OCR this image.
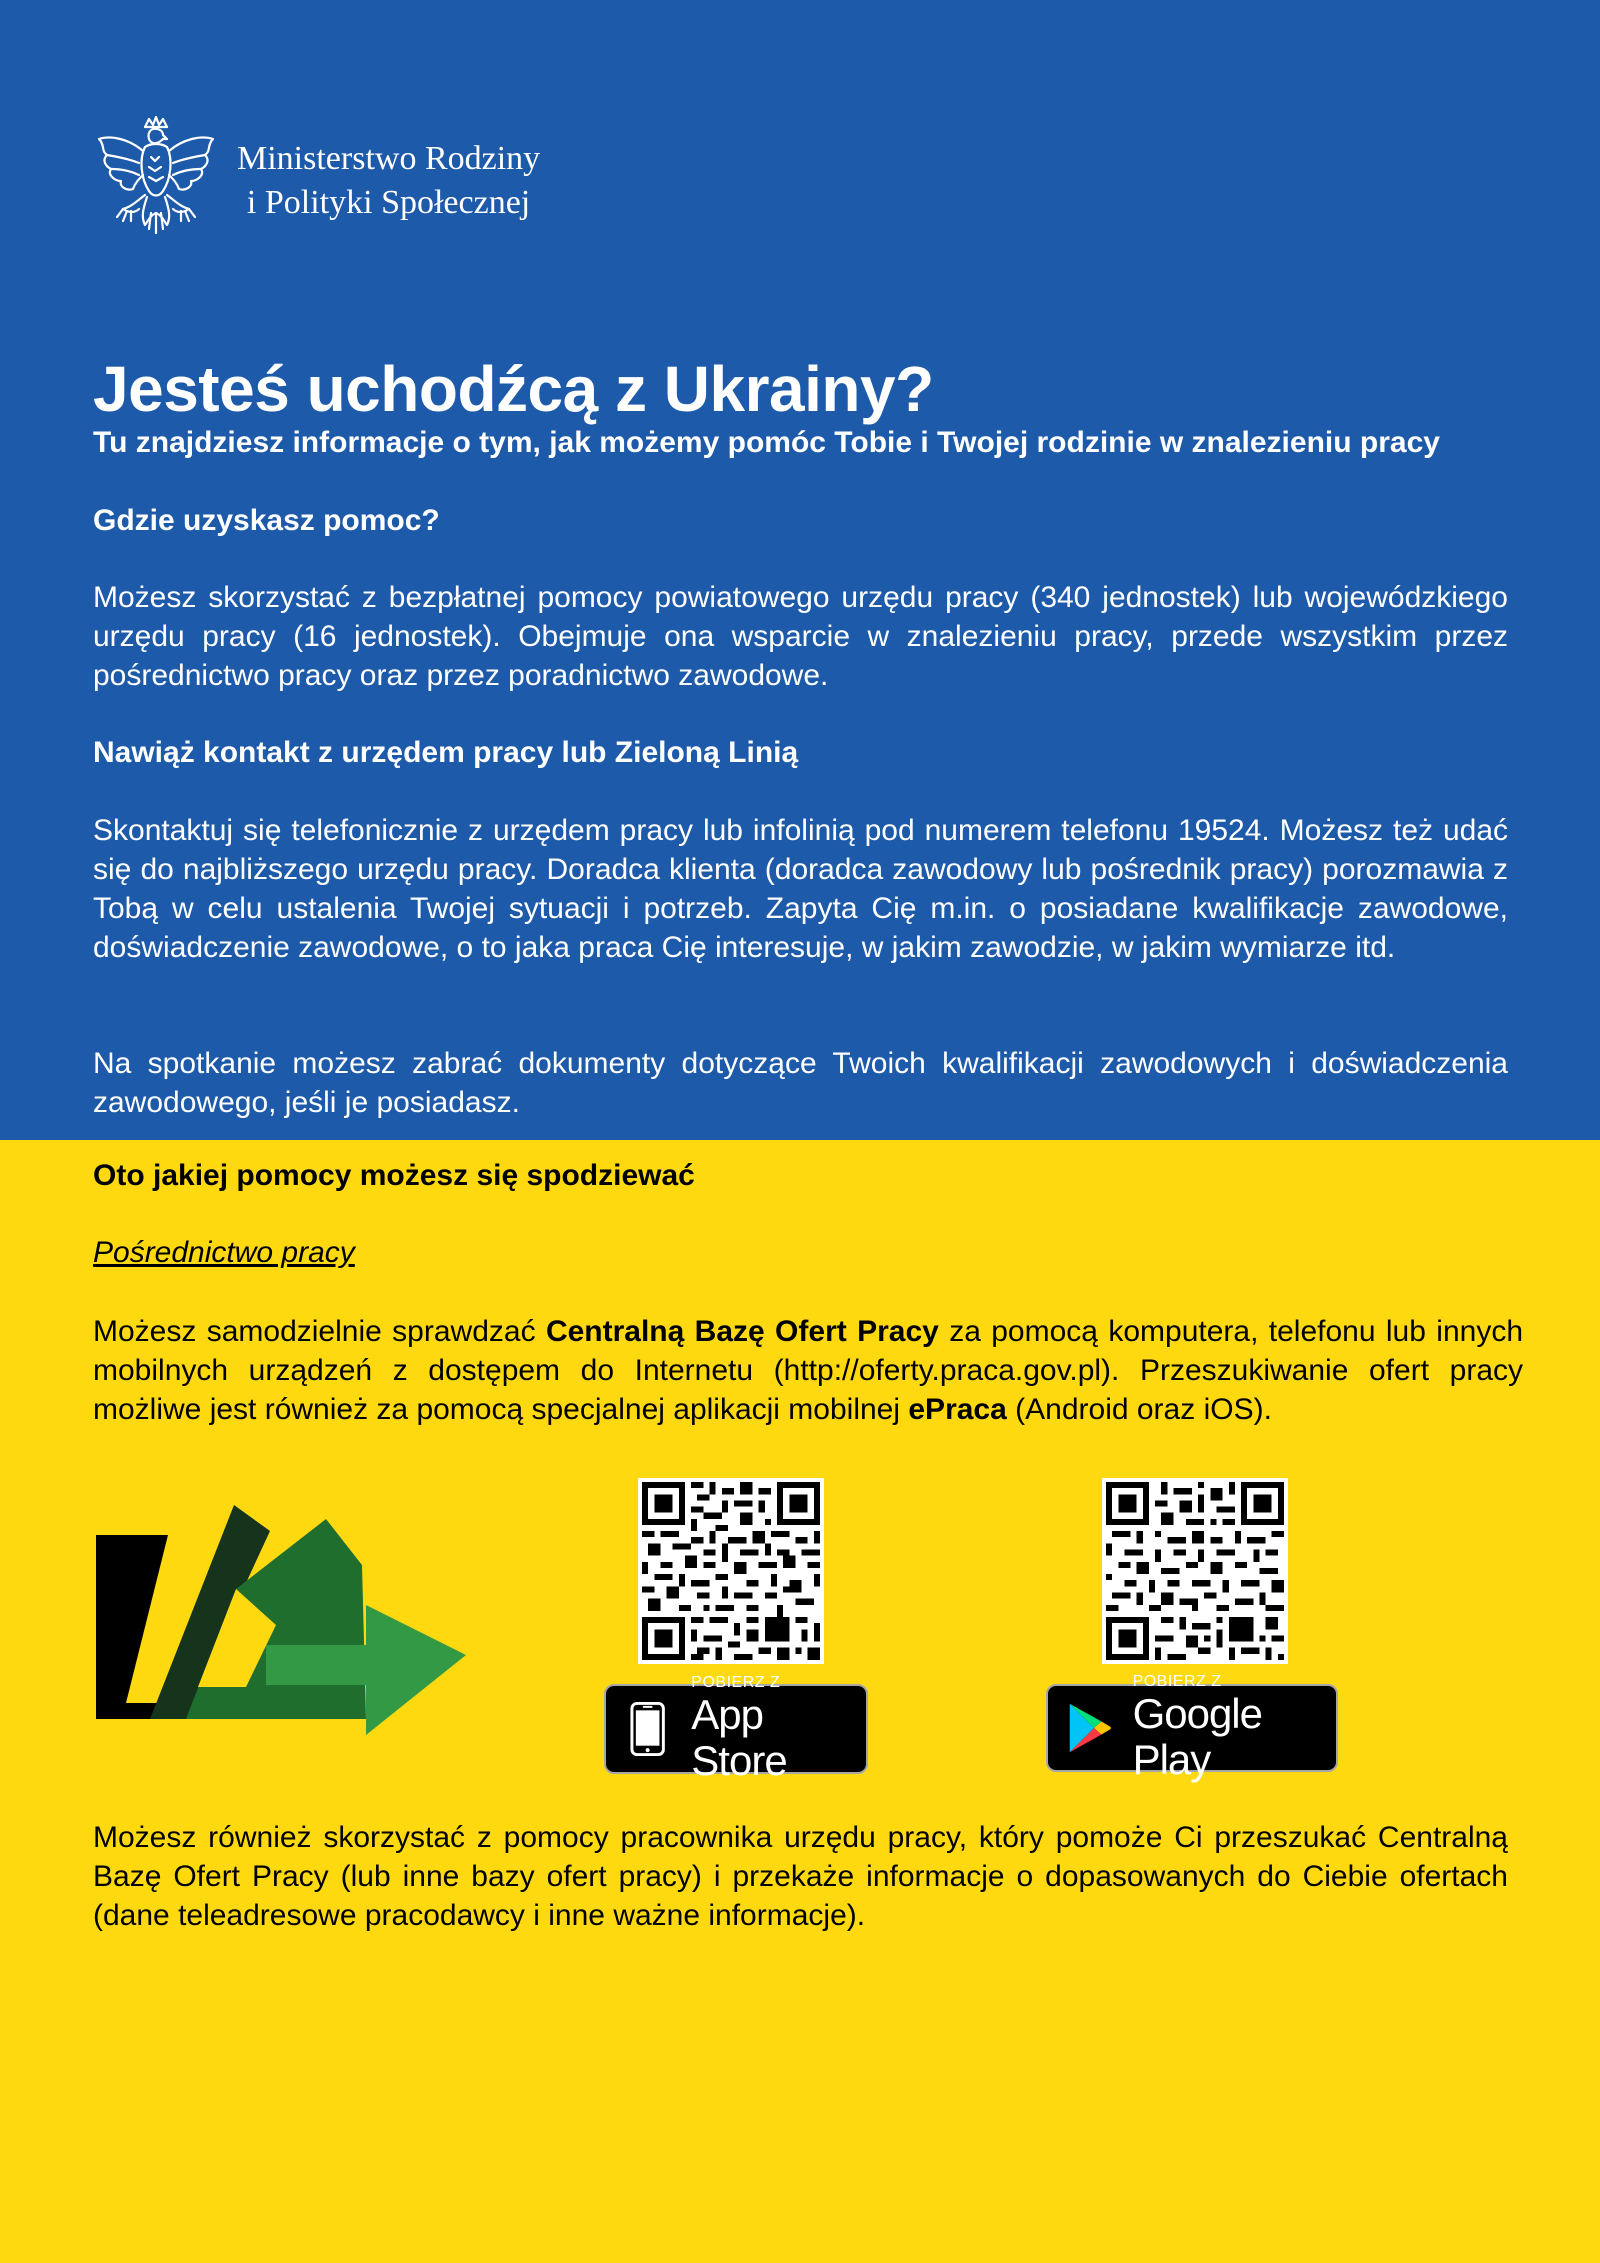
Ministerstwo Rodziny
i Polityki Społecznej
Jesteś uchodźcą z Ukrainy?
Tu znajdziesz informacje o tym, jak możemy pomóc Tobie i Twojej rodzinie w znalezieniu pracy
Gdzie uzyskasz pomoc?

Możesz skorzystać z bezpłatnej pomocy powiatowego urzędu pracy (340 jednostek) lub wojewódzkiego urzędu pracy (16 jednostek). Obejmuje ona wsparcie w znalezieniu pracy, przede wszystkim przez pośrednictwo pracy oraz przez poradnictwo zawodowe.

Nawiąż kontakt z urzędem pracy lub Zieloną Linią

Skontaktuj się telefonicznie z urzędem pracy lub infolinią pod numerem telefonu 19524. Możesz też udać się do najbliższego urzędu pracy. Doradca klienta (doradca zawodowy lub pośrednik pracy) porozmawia z Tobą w celu ustalenia Twojej sytuacji i potrzeb. Zapyta Cię m.in. o posiadane kwalifikacje zawodowe, doświadczenie zawodowe, o to jaka praca Cię interesuje, w jakim zawodzie, w jakim wymiarze itd.

Na spotkanie możesz zabrać dokumenty dotyczące Twoich kwalifikacji zawodowych i doświadczenia zawodowego, jeśli je posiadasz.

Oto jakiej pomocy możesz się spodziewać
Pośrednictwo pracy

Możesz samodzielnie sprawdzać Centralną Bazę Ofert Pracy za pomocą komputera, telefonu lub innych mobilnych urządzeń z dostępem do Internetu (http://oferty.praca.gov.pl). Przeszukiwanie ofert pracy możliwe jest również za pomocą specjalnej aplikacji mobilnej ePraca (Android oraz iOS).

POBIERZ Z
App Store
POBIERZ Z
Google Play

Możesz również skorzystać z pomocy pracownika urzędu pracy, który pomoże Ci przeszukać Centralną Bazę Ofert Pracy (lub inne bazy ofert pracy) i przekaże informacje o dopasowanych do Ciebie ofertach (dane teleadresowe pracodawcy i inne ważne informacje).
